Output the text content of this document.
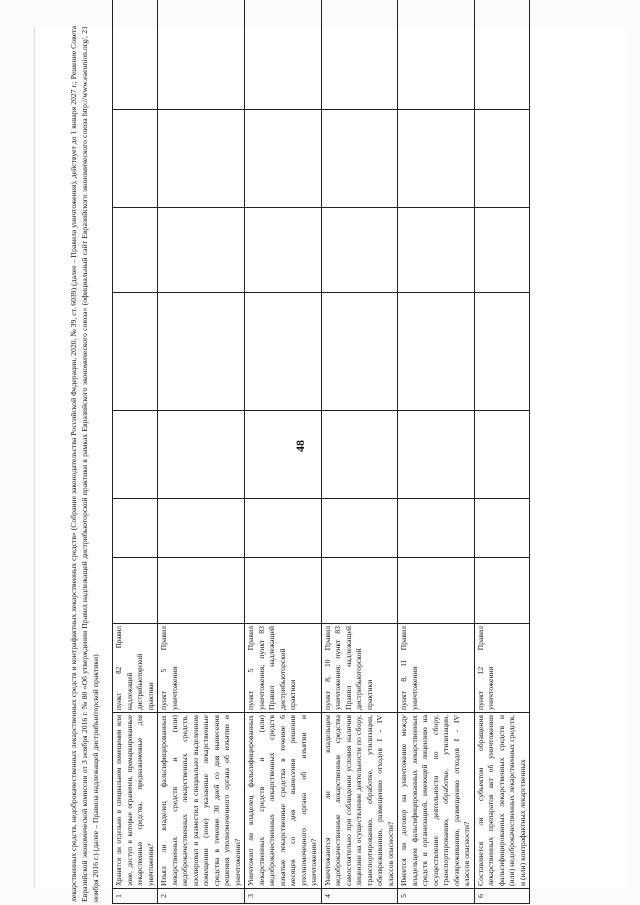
48
лекарственных средств, недоброкачественных лекарственных средств и контрафактных лекарственных средств» (Собрание законодательства Российской Федерации, 2020, № 39, ст. 6039) (далее – Правила уничтожения), действует до 1 января 2027 г.; Решение Совета Евразийской экономической комиссии от 3 ноября 2016 г. № 80 «Об утверждении Правил надлежащей дистрибьюторской практики в рамках Евразийского экономического союза» (официальный сайт Евразийского экономического союза http://www.eaeunion.org/, 21 ноября 2016 г.) (далее – Правила надлежащей дистрибьюторской практики)	1	Хранятся ли отдельно в специальном помещении или зоне, доступ в которые ограничен, промаркированные лекарственные средства, предназначенные для уничтожения?	пункт 82 Правил надлежащей дистрибьюторской практики							
2	Изъял ли владелец фальсифицированных лекарственных средств и (или) недоброкачественных лекарственных средств, изолировал и разместил в специально выделенном помещении (зоне) указанные лекарственные средства в течение 30 дней со дня вынесения решения уполномоченного органа об изъятии и уничтожении?	пункт 5 Правил уничтожения							
3	Уничтожил ли владелец фальсифицированных лекарственных средств и (или) недоброкачественных лекарственных средств изъятые лекарственные средства в течение 6 месяцев со дня вынесения решения уполномоченного органа об изъятии и уничтожении?	пункт 5 Правил уничтожения; пункт 83 Правил надлежащей дистрибьюторской практики							
4	Уничтожаются ли владельцем недоброкачественные лекарственные средства самостоятельно при соблюдении условия наличия лицензии на осуществление деятельности по сбору, транспортированию, обработке, утилизации, обезвреживанию, размещению отходов I - IV классов опасности?	пункт 8, 10 Правил уничтожения; пункт 83 Правил надлежащей дистрибьюторской практики							
5	Имеется ли договор на уничтожение между владельцем фальсифицированных лекарственных средств и организацией, имеющей лицензию на осуществление деятельности по сбору, транспортированию, обработке, утилизации, обезвреживанию, размещению отходов I - IV классов опасности?	пункт 8, 11 Правил уничтожения							
6	Составляется ли субъектом обращения лекарственных препаратов акт об уничтожении фальсифицированных лекарственных средств и (или) недоброкачественных лекарственных средств, и (или) контрафактных лекарственных	пункт 12 Правил уничтожения							
